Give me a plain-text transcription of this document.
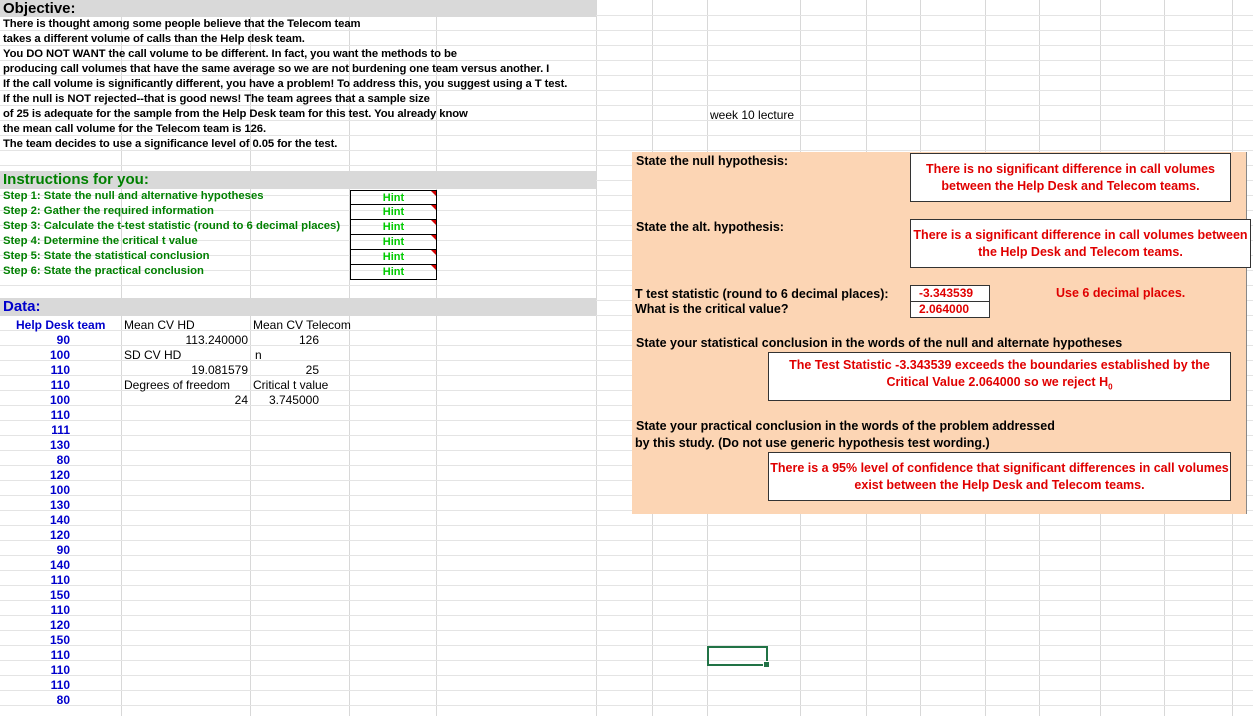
Objective:
There is thought among some people believe that the Telecom team
takes a different volume of calls than the Help desk team.
You DO NOT WANT the call volume to be different. In fact, you want the methods to be
producing call volumes that have the same average so we are not burdening one team versus another. I
If the call volume is significantly different, you have a problem! To address this, you suggest using a T test.
If the null is NOT rejected--that is good news! The team agrees that a sample size
of 25 is adequate for the sample from the Help Desk team for this test. You already know
the mean call volume for the Telecom team is 126.
The team decides to use a significance level of 0.05 for the test.
week 10 lecture
Instructions for you:
Step 1: State the null and alternative hypotheses
Step 2: Gather the required information
Step 3: Calculate the t-test statistic (round to 6 decimal places)
Step 4: Determine the critical t value
Step 5: State the statistical conclusion
Step 6: State the practical conclusion
Hint
Hint
Hint
Hint
Hint
Hint
Data:
Help Desk team
90
100
110
110
100
110
111
130
80
120
100
130
140
120
90
140
110
150
110
120
150
110
110
110
80
Mean CV HD	Mean CV Telecom
113.240000	126
SD CV HD	n
19.081579	25
Degrees of freedom Critical t value
24	3.745000
State the null hypothesis:
There is no significant difference in call volumes between the Help Desk and Telecom teams.
State the alt. hypothesis:
There is a significant difference in call volumes between the Help Desk and Telecom teams.
T test statistic (round to 6 decimal places):	-3.343539
What is the critical value?	2.064000
Use 6 decimal places.
State your statistical conclusion in the words of the null and alternate hypotheses
The Test Statistic -3.343539 exceeds the boundaries established by the Critical Value 2.064000 so we reject $H_0$
State your practical conclusion in the words of the problem addressed
by this study. (Do not use generic hypothesis test wording.)
There is a 95% level of confidence that significant differences in call volumes exist between the Help Desk and Telecom teams.
